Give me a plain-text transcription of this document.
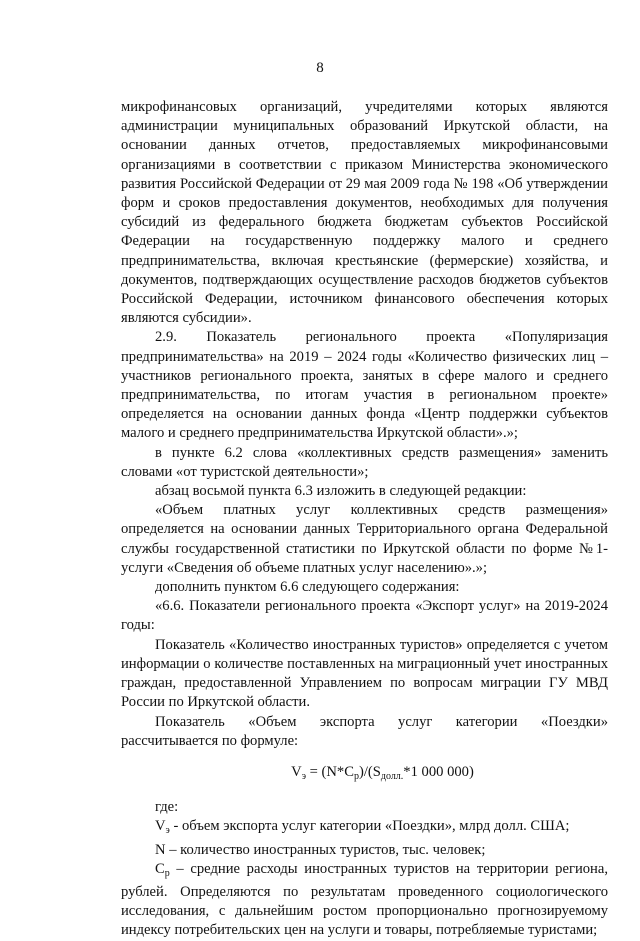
8

микрофинансовых организаций, учредителями которых являются администрации муниципальных образований Иркутской области, на основании данных отчетов, предоставляемых микрофинансовыми организациями в соответствии с приказом Министерства экономического развития Российской Федерации от 29 мая 2009 года № 198 «Об утверждении форм и сроков предоставления документов, необходимых для получения субсидий из федерального бюджета бюджетам субъектов Российской Федерации на государственную поддержку малого и среднего предпринимательства, включая крестьянские (фермерские) хозяйства, и документов, подтверждающих осуществление расходов бюджетов субъектов Российской Федерации, источником финансового обеспечения которых являются субсидии».

2.9. Показатель регионального проекта «Популяризация предпринимательства» на 2019 – 2024 годы «Количество физических лиц – участников регионального проекта, занятых в сфере малого и среднего предпринимательства, по итогам участия в региональном проекте» определяется на основании данных фонда «Центр поддержки субъектов малого и среднего предпринимательства Иркутской области».»;

в пункте 6.2 слова «коллективных средств размещения» заменить словами «от туристской деятельности»;

абзац восьмой пункта 6.3 изложить в следующей редакции:

«Объем платных услуг коллективных средств размещения» определяется на основании данных Территориального органа Федеральной службы государственной статистики по Иркутской области по форме №1-услуги «Сведения об объеме платных услуг населению».»;

дополнить пунктом 6.6 следующего содержания:

«6.6. Показатели регионального проекта «Экспорт услуг» на 2019-2024 годы:

Показатель «Количество иностранных туристов» определяется с учетом информации о количестве поставленных на миграционный учет иностранных граждан, предоставленной Управлением по вопросам миграции ГУ МВД России по Иркутской области.

Показатель «Объем экспорта услуг категории «Поездки» рассчитывается по формуле:

$V_э = (N*C_p)/(S_{долл.}*1$ 000 000)

где:

$V_э$ - объем экспорта услуг категории «Поездки», млрд долл. США;

N – количество иностранных туристов, тыс. человек;

$С_р$ – средние расходы иностранных туристов на территории региона, рублей. Определяются по результатам проведенного социологического исследования, с дальнейшим ростом пропорционально прогнозируемому индексу потребительских цен на услуги и товары, потребляемые туристами;
